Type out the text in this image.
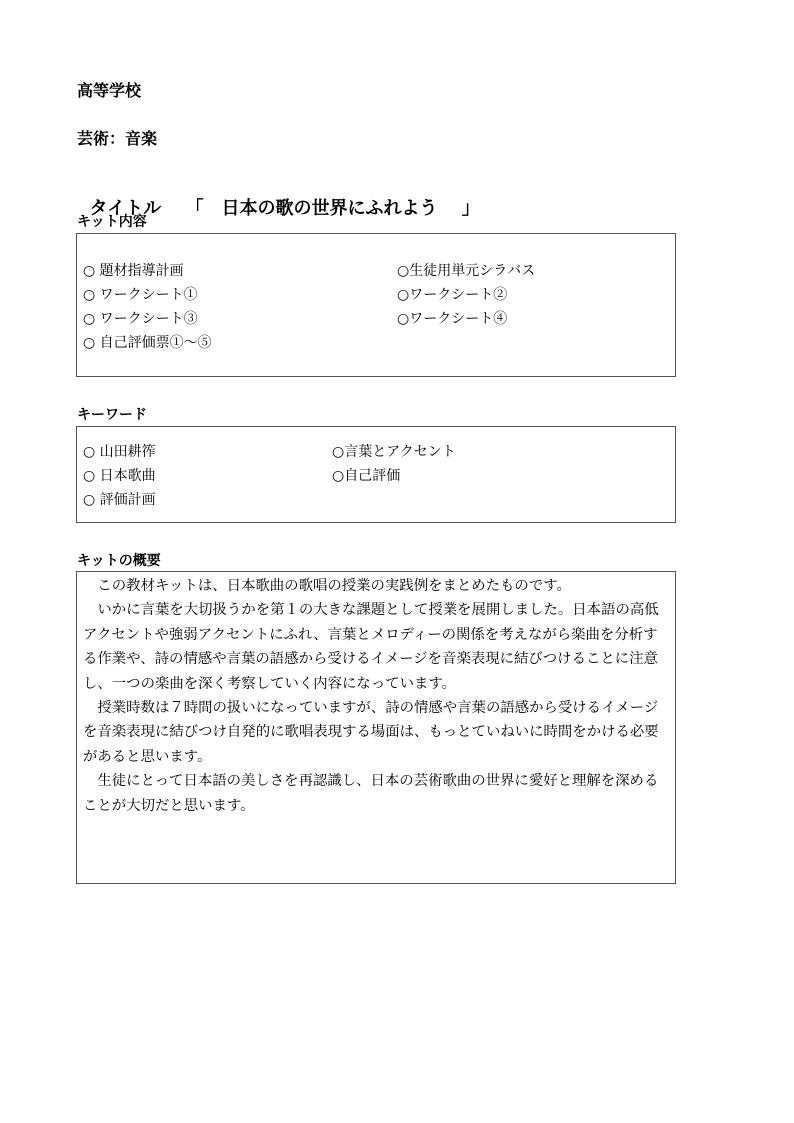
高等学校
芸術：音楽

タイトル　 「　 日本の歌の世界にふれよう　 」

キット内容
○ 題材指導計画	○生徒用単元シラバス
○ ワークシート①	○ワークシート②
○ ワークシート③	○ワークシート④
○ 自己評価票①～⑤
キーワード
○ 山田耕筰	○言葉とアクセント
○ 日本歌曲	○自己評価
○ 評価計画
キットの概要

この教材キットは、日本歌曲の歌唱の授業の実践例をまとめたものです。

いかに言葉を大切扱うかを第１の大きな課題として授業を展開しました。日本語の高低アクセントや強弱アクセントにふれ、言葉とメロディーの関係を考えながら楽曲を分析する作業や、詩の情感や言葉の語感から受けるイメージを音楽表現に結びつけることに注意し、一つの楽曲を深く考察していく内容になっています。

授業時数は７時間の扱いになっていますが、詩の情感や言葉の語感から受けるイメージを音楽表現に結びつけ自発的に歌唱表現する場面は、もっとていねいに時間をかける必要があると思います。

生徒にとって日本語の美しさを再認識し、日本の芸術歌曲の世界に愛好と理解を深めることが大切だと思います。
